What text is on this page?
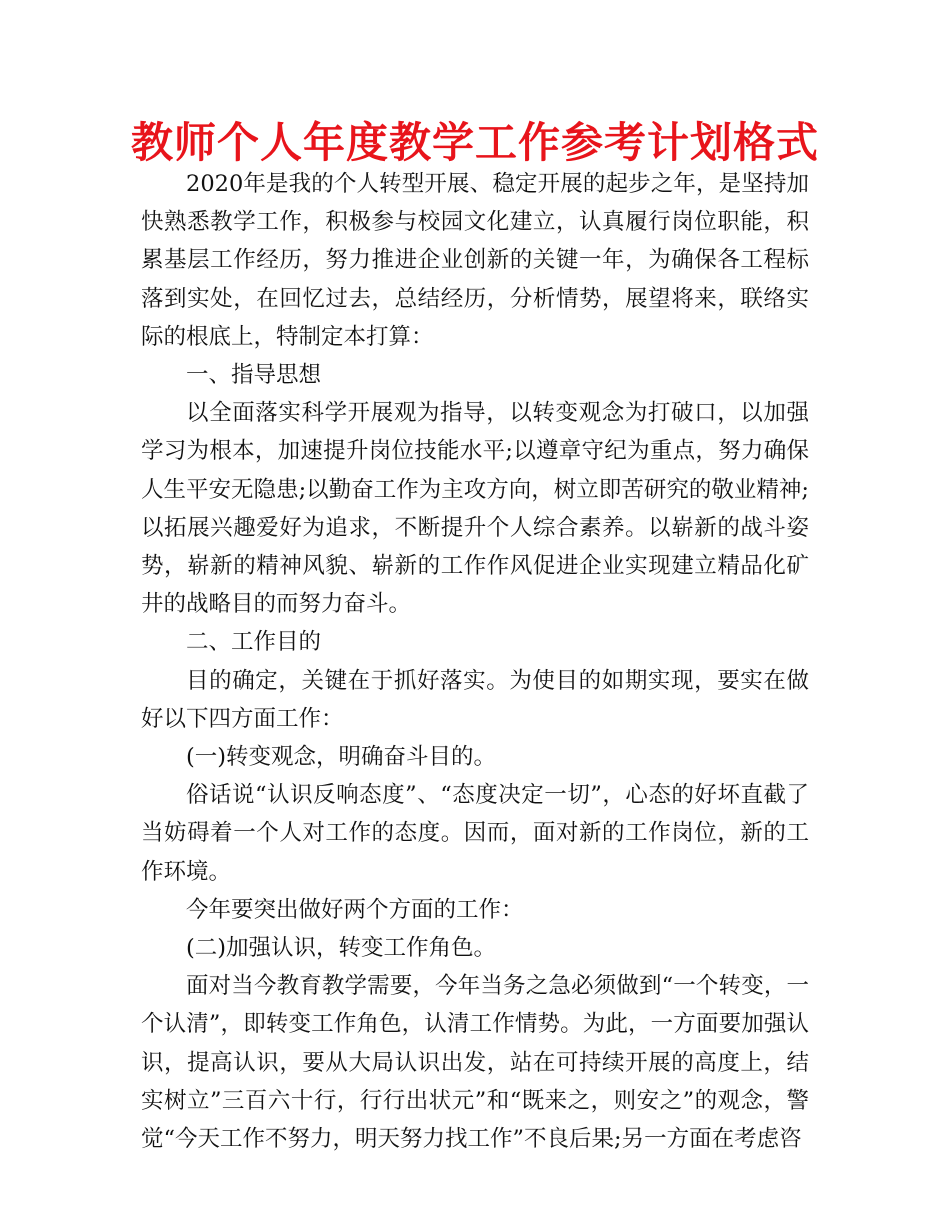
教师个人年度教学工作参考计划格式

2020年是我的个人转型开展、稳定开展的起步之年，是坚持加快熟悉教学工作，积极参与校园文化建立，认真履行岗位职能，积累基层工作经历，努力推进企业创新的关键一年，为确保各工程标落到实处，在回忆过去，总结经历，分析情势，展望将来，联络实际的根底上，特制定本打算：

一、指导思想

以全面落实科学开展观为指导，以转变观念为打破口，以加强学习为根本，加速提升岗位技能水平;以遵章守纪为重点，努力确保人生平安无隐患;以勤奋工作为主攻方向，树立即苦研究的敬业精神;以拓展兴趣爱好为追求，不断提升个人综合素养。以崭新的战斗姿势，崭新的精神风貌、崭新的工作作风促进企业实现建立精品化矿井的战略目的而努力奋斗。

二、工作目的

目的确定，关键在于抓好落实。为使目的如期实现，要实在做好以下四方面工作：

(一)转变观念，明确奋斗目的。

俗话说“认识反响态度”、“态度决定一切”，心态的好坏直截了当妨碍着一个人对工作的态度。因而，面对新的工作岗位，新的工作环境。

今年要突出做好两个方面的工作：

(二)加强认识，转变工作角色。

面对当今教育教学需要，今年当务之急必须做到“一个转变，一个认清”，即转变工作角色，认清工作情势。为此，一方面要加强认识，提高认识，要从大局认识出发，站在可持续开展的高度上，结实树立”三百六十行，行行出状元”和“既来之，则安之”的观念，警觉“今天工作不努力，明天努力找工作”不良后果;另一方面在考虑咨
